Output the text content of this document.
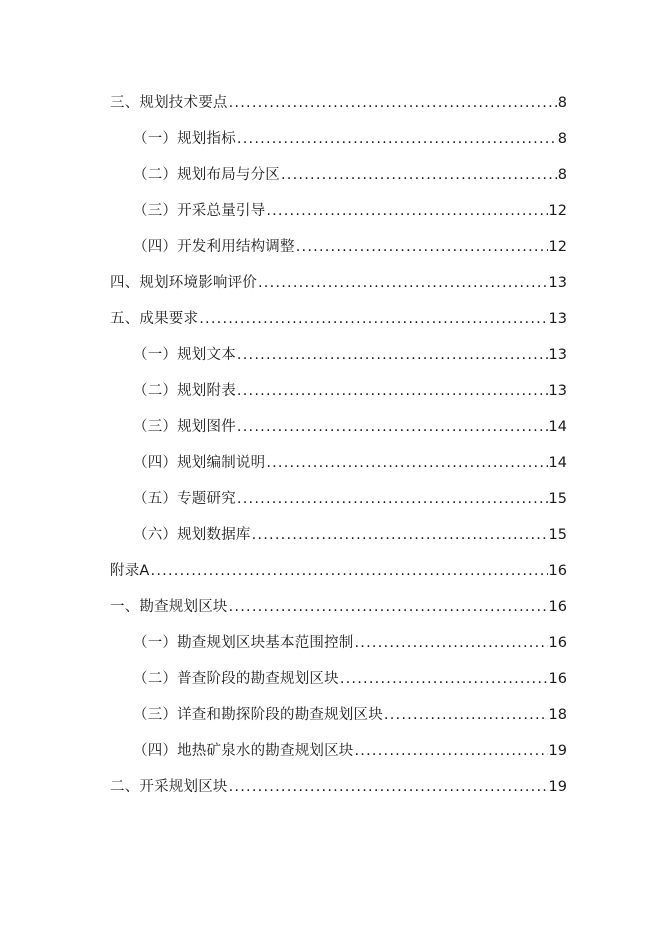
三、规划技术要点 .....	8
（一）规划指标 .....	8
（二）规划布局与分区 .....	8
（三）开采总量引导 .....	12
（四）开发利用结构调整 .....	12
四、规划环境影响评价 .....	13
五、成果要求 .....	13
（一）规划文本 .....	13
（二）规划附表 .....	13
（三）规划图件 .....	14
（四）规划编制说明 .....	14
（五）专题研究 .....	15
（六）规划数据库 .....	15
附录A .....	16
一、勘查规划区块 .....	16
（一）勘查规划区块基本范围控制 .....	16
（二）普查阶段的勘查规划区块 .....	16
（三）详查和勘探阶段的勘查规划区块 .....	18
（四）地热矿泉水的勘查规划区块 .....	19
二、开采规划区块 .....	19
